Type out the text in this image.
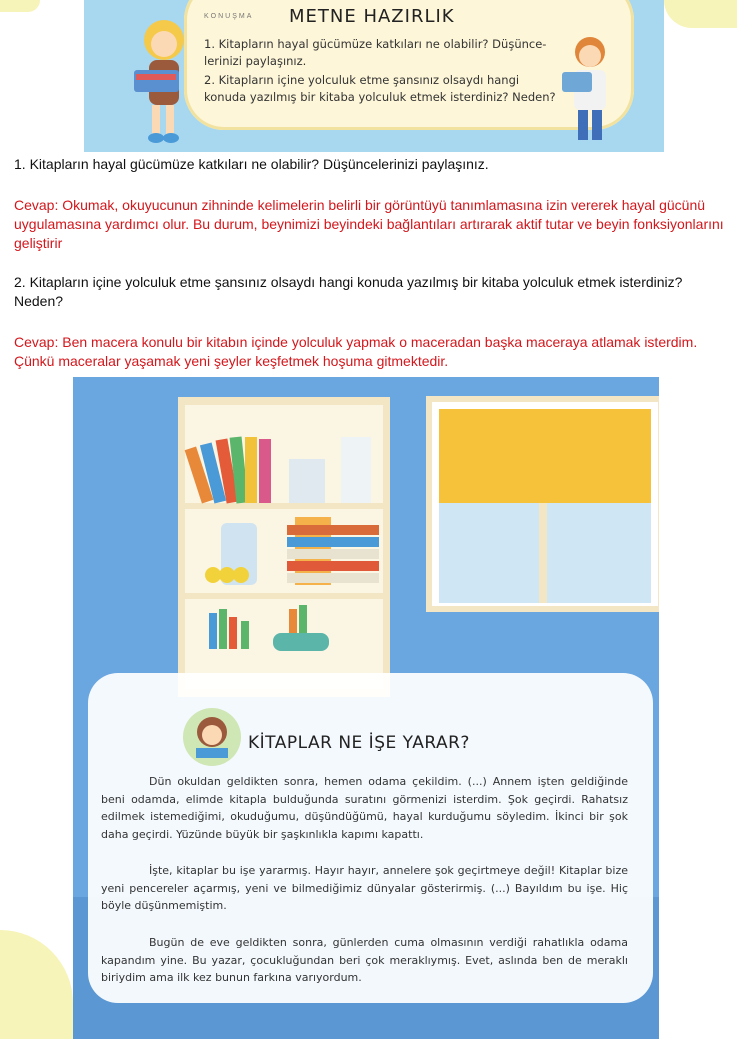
KONUŞMA METNE HAZIRLIK
1. Kitapların hayal gücümüze katkıları ne olabilir? Düşünce-
lerinizi paylaşınız.
2. Kitapların içine yolculuk etme şansınız olsaydı hangi
konuda yazılmış bir kitaba yolculuk etmek isterdiniz? Neden?
1. Kitapların hayal gücümüze katkıları ne olabilir? Düşüncelerinizi paylaşınız.
Cevap: Okumak, okuyucunun zihninde kelimelerin belirli bir görüntüyü tanımlamasına izin vererek hayal gücünü uygulamasına yardımcı olur. Bu durum, beynimizi beyindeki bağlantıları artırarak aktif tutar ve beyin fonksiyonlarını geliştirir
2. Kitapların içine yolculuk etme şansınız olsaydı hangi konuda yazılmış bir kitaba yolculuk etmek isterdiniz? Neden?
Cevap: Ben macera konulu bir kitabın içinde yolculuk yapmak o maceradan başka maceraya atlamak isterdim. Çünkü maceralar yaşamak yeni şeyler keşfetmek hoşuma gitmektedir.
KİTAPLAR NE İŞE YARAR?
Dün okuldan geldikten sonra, hemen odama çekildim. (...) Annem işten geldiğinde beni odamda, elimde kitapla bulduğunda suratını görmenizi isterdim. Şok geçirdi. Rahatsız edilmek istemediğimi, okuduğumu, düşündüğümü, hayal kurduğumu söyledim. İkinci bir şok daha geçirdi. Yüzünde büyük bir şaşkınlıkla kapımı kapattı.
İşte, kitaplar bu işe yararmış. Hayır hayır, annelere şok geçirtmeye değil! Kitaplar bize yeni pencereler açarmış, yeni ve bilmediğimiz dünyalar gösterirmiş. (...) Bayıldım bu işe. Hiç böyle düşünmemiştim.
Bugün de eve geldikten sonra, günlerden cuma olmasının verdiği rahatlıkla odama kapandım yine. Bu yazar, çocukluğundan beri çok meraklıymış. Evet, aslında ben de meraklı biriydim ama ilk kez bunun farkına varıyordum.
